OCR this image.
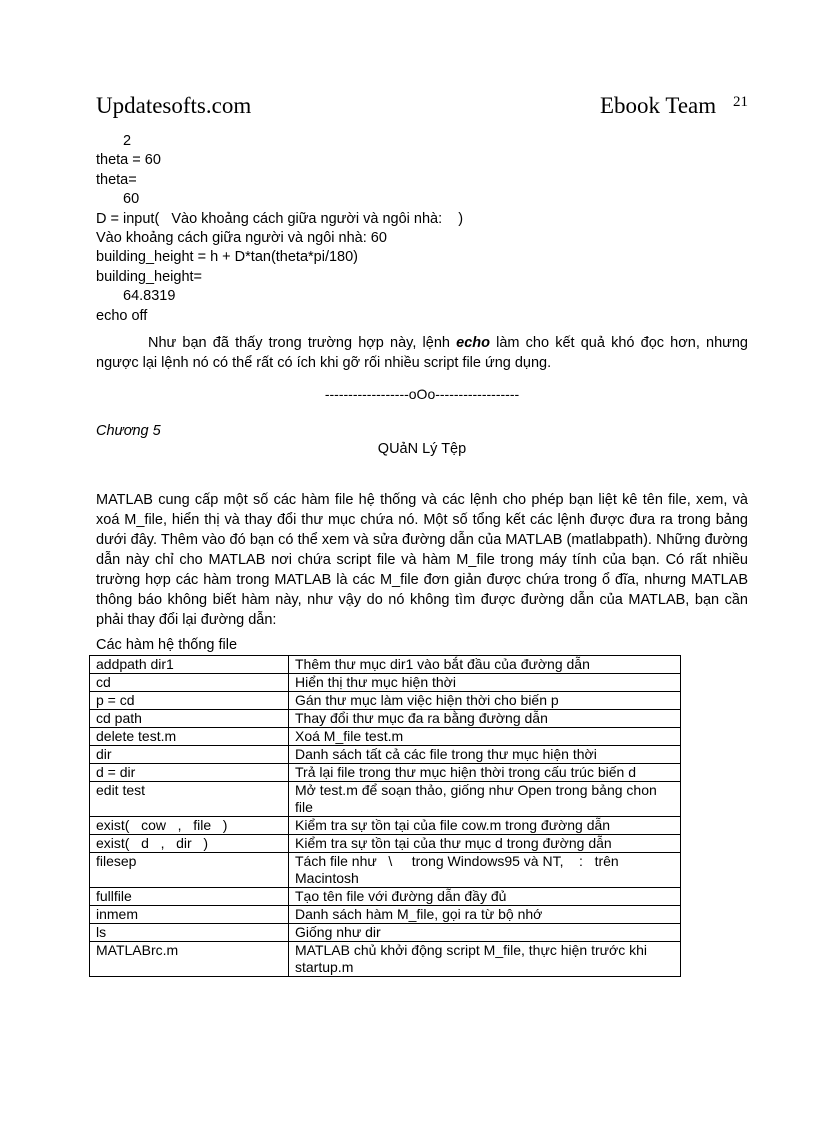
Updatesofts.com	Ebook Team 21
2
theta = 60
theta=
60
D = input(   Vào khoảng cách giữa người và ngôi nhà:    )
Vào khoảng cách giữa người và ngôi nhà: 60
building_height = h + D*tan(theta*pi/180)
building_height=
64.8319
echo off
Như bạn đã thấy trong trường hợp này, lệnh echo làm cho kết quả khó đọc hơn, nhưng ngược lại lệnh nó có thể rất có ích khi gỡ rối nhiều script file ứng dụng.
------------------oOo------------------
Chương 5
QUảN Lý Tệp
MATLAB cung cấp một số các hàm file hệ thống và các lệnh cho phép bạn liệt kê tên file, xem, và xoá M_file, hiển thị và thay đổi thư mục chứa nó. Một số tổng kết các lệnh được đưa ra trong bảng dưới đây. Thêm vào đó bạn có thể xem và sửa đường dẫn của MATLAB (matlabpath). Những đường dẫn này chỉ cho MATLAB nơi chứa script file và hàm M_file trong máy tính của bạn. Có rất nhiều trường hợp các hàm trong MATLAB là các M_file đơn giản được chứa trong ổ đĩa, nhưng MATLAB thông báo không biết hàm này, như vậy do nó không tìm được đường dẫn của MATLAB, bạn cần phải thay đổi lại đường dẫn:
Các hàm hệ thống file
addpath dir1	Thêm thư mục dir1 vào bắt đầu của đường dẫn
cd	Hiển thị thư mục hiện thời
p = cd	Gán thư mục làm việc hiện thời cho biến p
cd path	Thay đổi thư mục đa ra bằng đường dẫn
delete test.m	Xoá M_file test.m
dir	Danh sách tất cả các file trong thư mục hiện thời
d = dir	Trả lại file trong thư mục hiện thời trong cấu trúc biến d
edit test	Mở test.m để soạn thảo, giống như Open trong bảng chon file
exist(   cow   ,   file   )	Kiểm tra sự tồn tại của file cow.m trong đường dẫn
exist(   d   ,   dir   )	Kiểm tra sự tồn tại của thư mục d trong đường dẫn
filesep	Tách file như   \     trong Windows95 và NT,    :   trên Macintosh
fullfile	Tạo tên file với đường dẫn đầy đủ
inmem	Danh sách hàm M_file, gọi ra từ bộ nhớ
ls	Giống như dir
MATLABrc.m	MATLAB chủ khởi động script M_file, thực hiện trước khi startup.m
